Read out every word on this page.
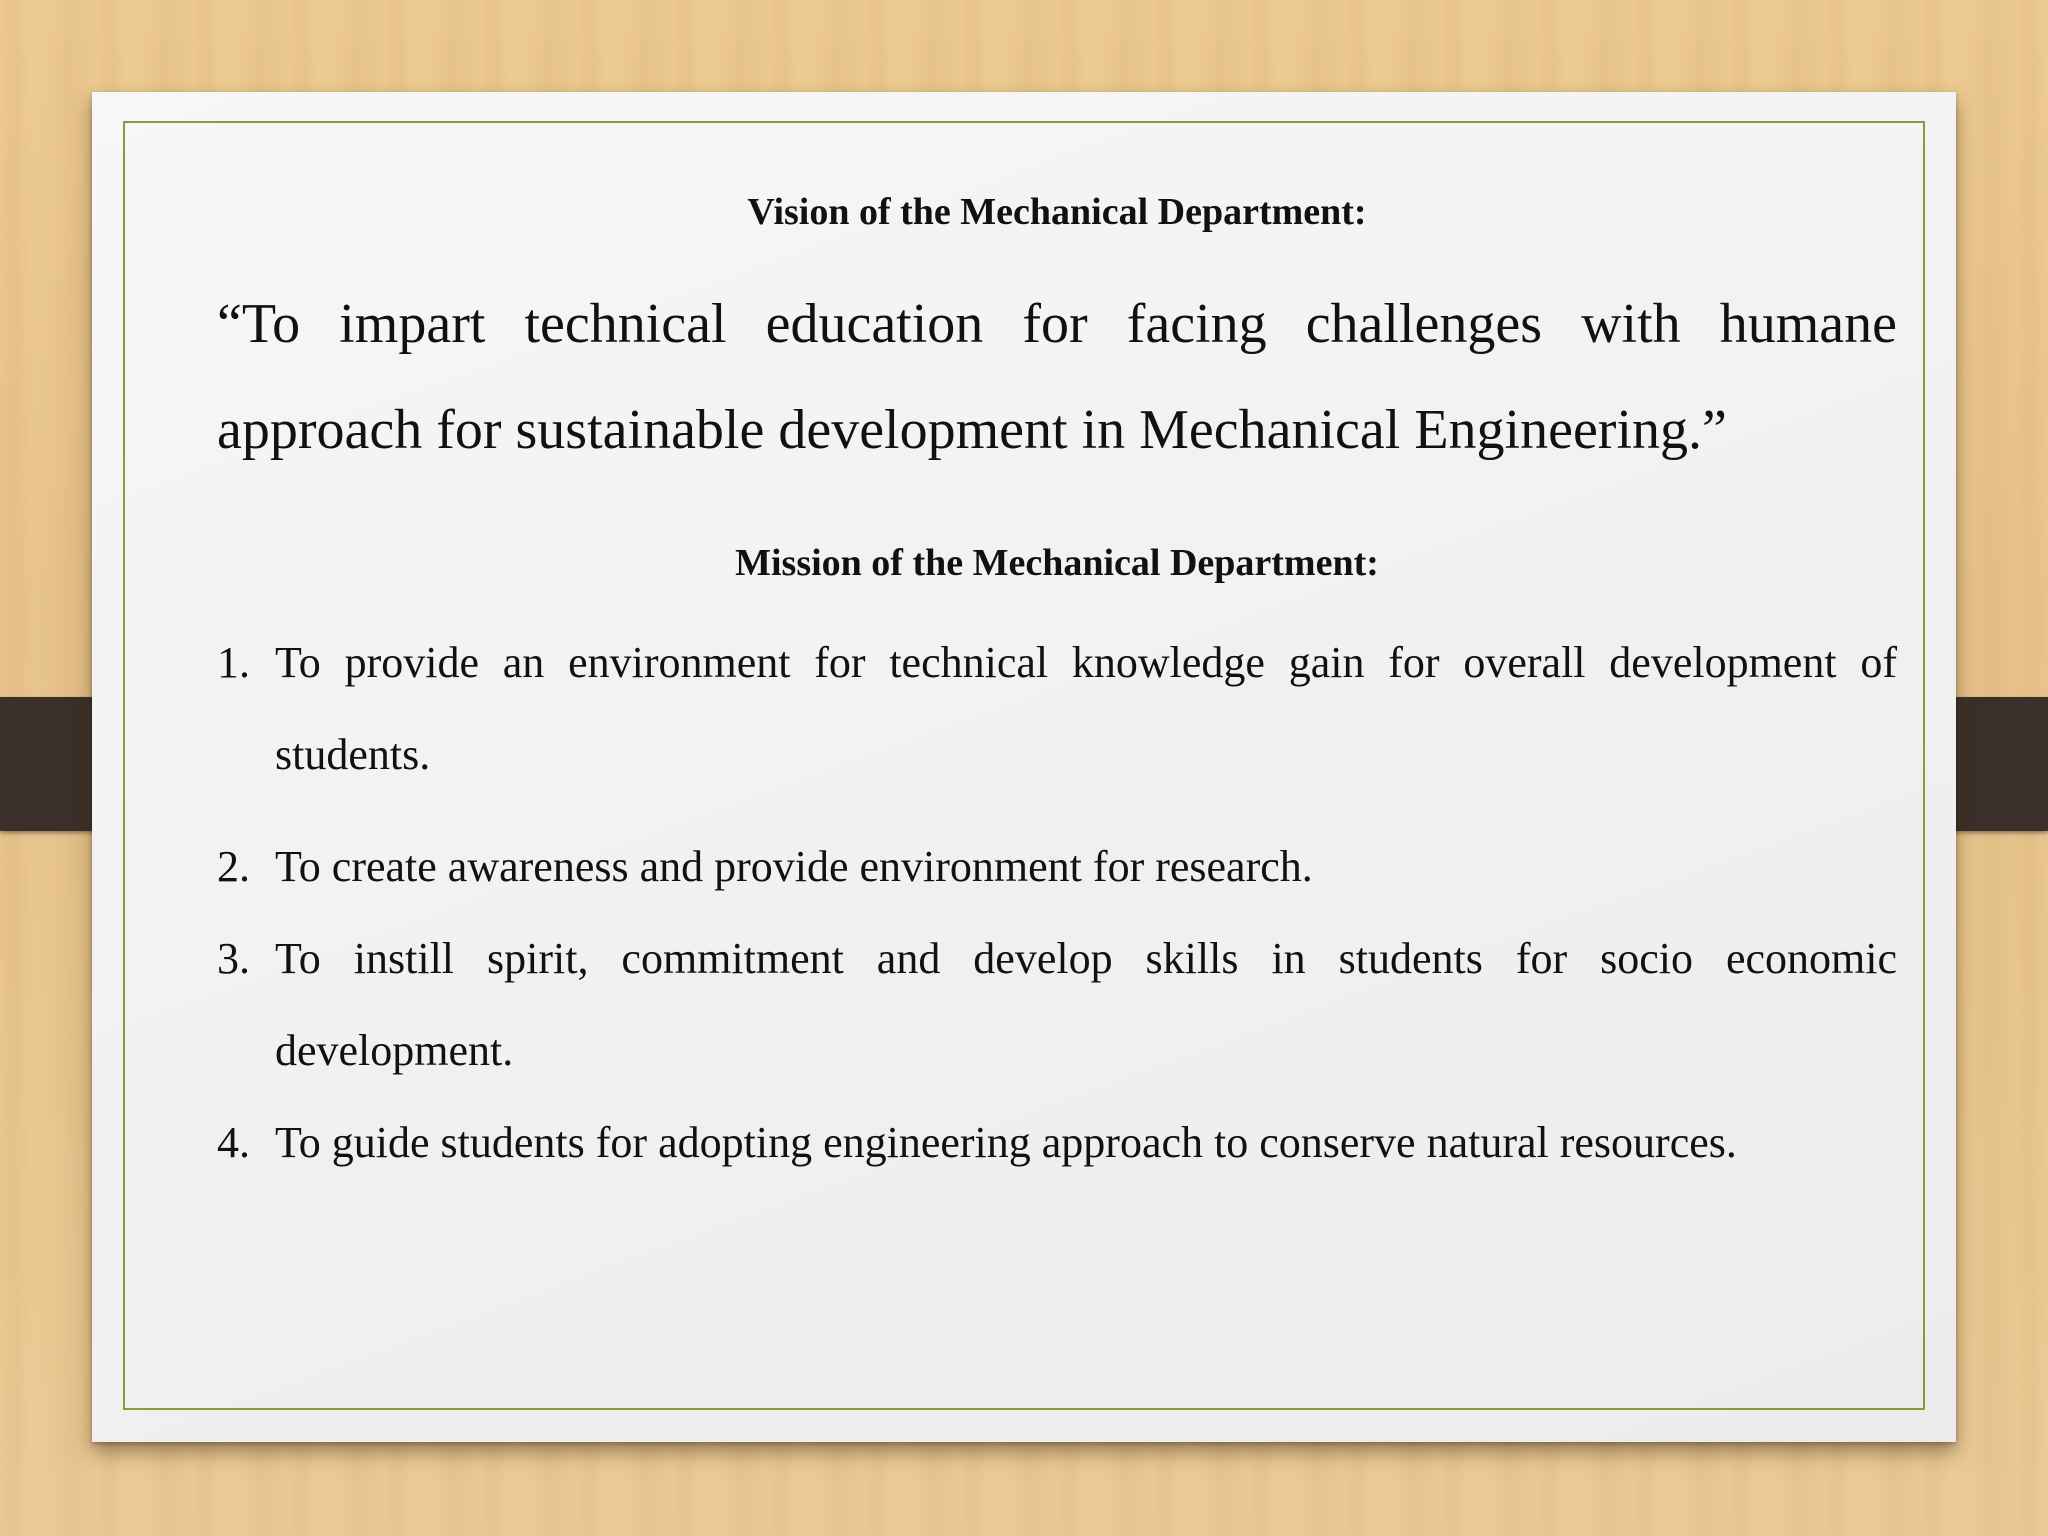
Vision of the Mechanical Department:

“To impart technical education for facing challenges with humane approach for sustainable development in Mechanical Engineering.”

Mission of the Mechanical Department:
1. To provide an environment for technical knowledge gain for overall development of students.
2. To create awareness and provide environment for research.
3. To instill spirit, commitment and develop skills in students for socio economic development.
4. To guide students for adopting engineering approach to conserve natural resources.
